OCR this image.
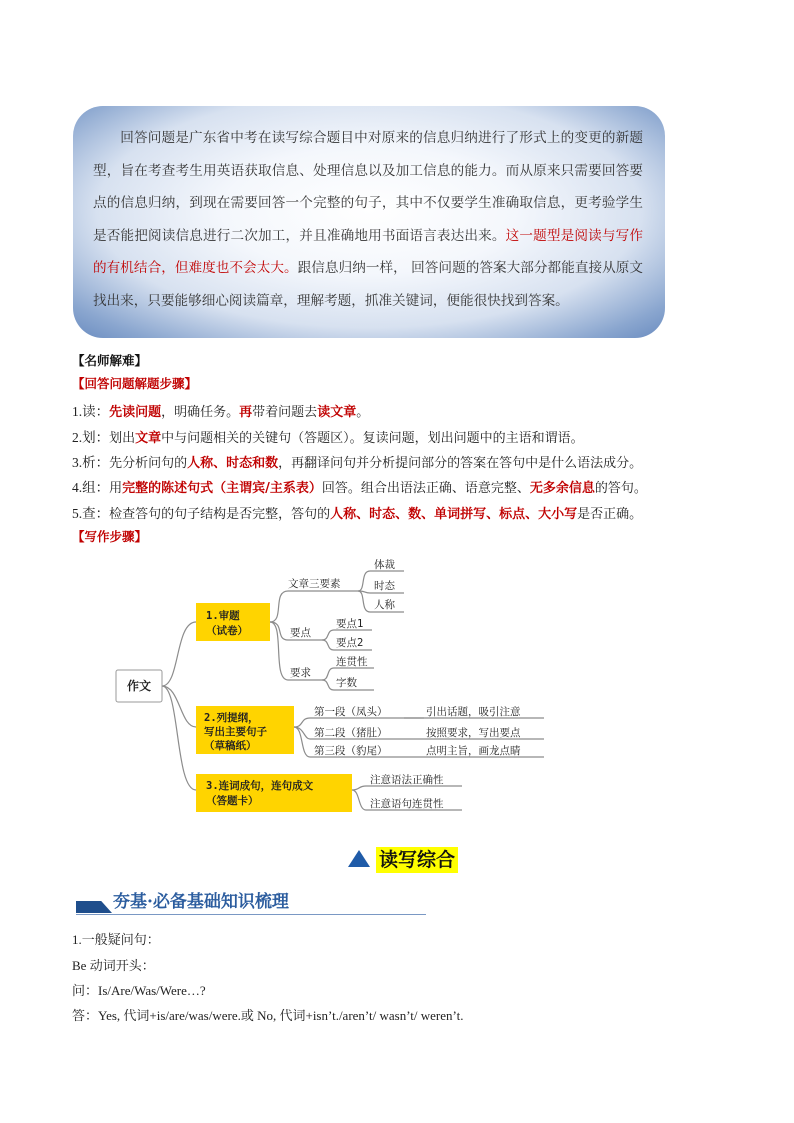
回答问题是广东省中考在读写综合题目中对原来的信息归纳进行了形式上的变更的新题型，旨在考查考生用英语获取信息、处理信息以及加工信息的能力。而从原来只需要回答要点的信息归纳，到现在需要回答一个完整的句子，其中不仅要学生准确取信息，更考验学生是否能把阅读信息进行二次加工，并且准确地用书面语言表达出来。这一题型是阅读与写作的有机结合，但难度也不会太大。跟信息归纳一样， 回答问题的答案大部分都能直接从原文找出来，只要能够细心阅读篇章，理解考题，抓准关键词，便能很快找到答案。

【名师解难】
【回答问题解题步骤】
1.读：先读问题，明确任务。再带着问题去读文章。
2.划：划出文章中与问题相关的关键句（答题区）。复读问题，划出问题中的主语和谓语。
3.析：先分析问句的人称、时态和数，再翻译问句并分析提问部分的答案在答句中是什么语法成分。
4.组：用完整的陈述句式（主谓宾/主系表）回答。组合出语法正确、语意完整、无多余信息的答句。
5.查：检查答句的句子结构是否完整，答句的人称、时态、数、单词拼写、标点、大小写是否正确。
【写作步骤】
作文
1.审题
（试卷）
文章三要素
体裁
时态
人称
要点
要点1
要点2
要求
连贯性
字数
2.列提纲，
写出主要句子
（草稿纸）
第一段（凤头）	引出话题，吸引注意
第二段（猪肚）	按照要求，写出要点
第三段（豹尾）	点明主旨，画龙点睛
3.连词成句，连句成文
（答题卡）
注意语法正确性
注意语句连贯性
读写综合
夯基·必备基础知识梳理
1.一般疑问句：
Be 动词开头：
问：Is/Are/Was/Were…?
答：Yes, 代词+is/are/was/were.或 No, 代词+isn’t./aren’t/ wasn’t/ weren’t.
